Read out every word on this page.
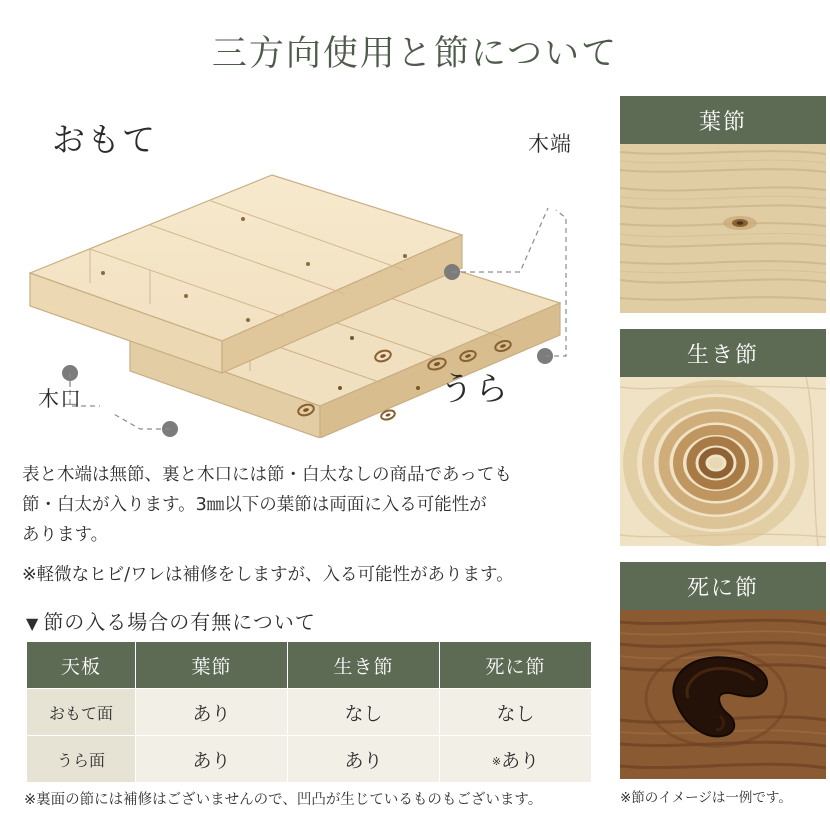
三方向使用と節について
おもて
うら
木端
木口

表と木端は無節、裏と木口には節・白太なしの商品であっても

節・白太が入ります。3㎜以下の葉節は両面に入る可能性が

あります。

※軽微なヒビ/ワレは補修をしますが、入る可能性があります。

▼ 節の入る場合の有無について
天板	葉節	生き節	死に節
おもて面	あり	なし	なし
うら面	あり	あり	※あり
※裏面の節には補修はございませんので、凹凸が生じているものもございます。
葉節
生き節
死に節
※節のイメージは一例です。
